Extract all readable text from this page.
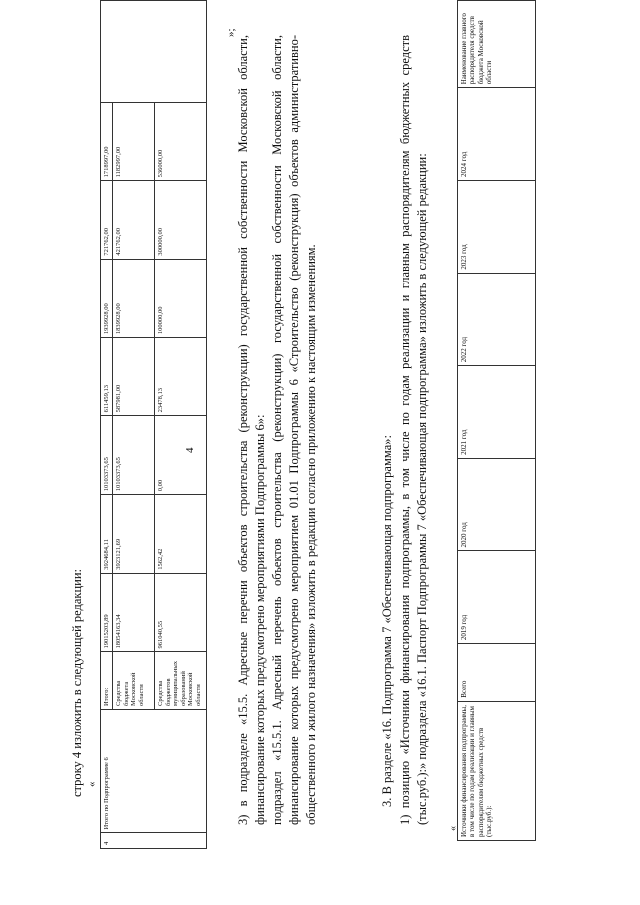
4
строку 4 изложить в следующей редакции: «
4	Итого по Подпрограмме 6	Итого:	19015203,89	3924684,11	10103373,65	611459,13	1939928,00	721762,00	1718997,00	
		Средства бюджета Московской области	18054163,34	3923121,69	10103373,65	587981,00	1839928,00	421762,00	1182997,00	
		Средства бюджетов муниципальных образований Московской области	961040,55	1562,42	0,00	23478,13	100000,00	300000,00	536000,00	
»;
3) в подразделе «15.5. Адресные перечни объектов строительства (реконструкции) государственной собственности Московской области, финансирование которых предусмотрено мероприятиями Подпрограммы 6»: подраздел «15.5.1. Адресный перечень объектов строительства (реконструкции) государственной собственности Московской области, финансирование которых предусмотрено мероприятием 01.01 Подпрограммы 6 «Строительство (реконструкция) объектов административно-общественного и жилого назначения» изложить в редакции согласно приложению к настоящим изменениям.	3. В разделе «16. Подпрограмма 7 «Обеспечивающая подпрограмма»: 1) позицию «Источники финансирования подпрограммы, в том числе по годам реализации и главным распорядителям бюджетных средств (тыс.руб.):» подраздела «16.1. Паспорт Подпрограммы 7 «Обеспечивающая подпрограмма» изложить в следующей редакции:
« Источники финансирования подпрограммы, в том числе по годам реализации и главным распорядителям бюджетных средств (тыс.руб.):	Всего	2019 год	2020 год	2021 год	2022 год	2023 год	2024 год	Наименование главного распорядителя средств бюджета Московской области
